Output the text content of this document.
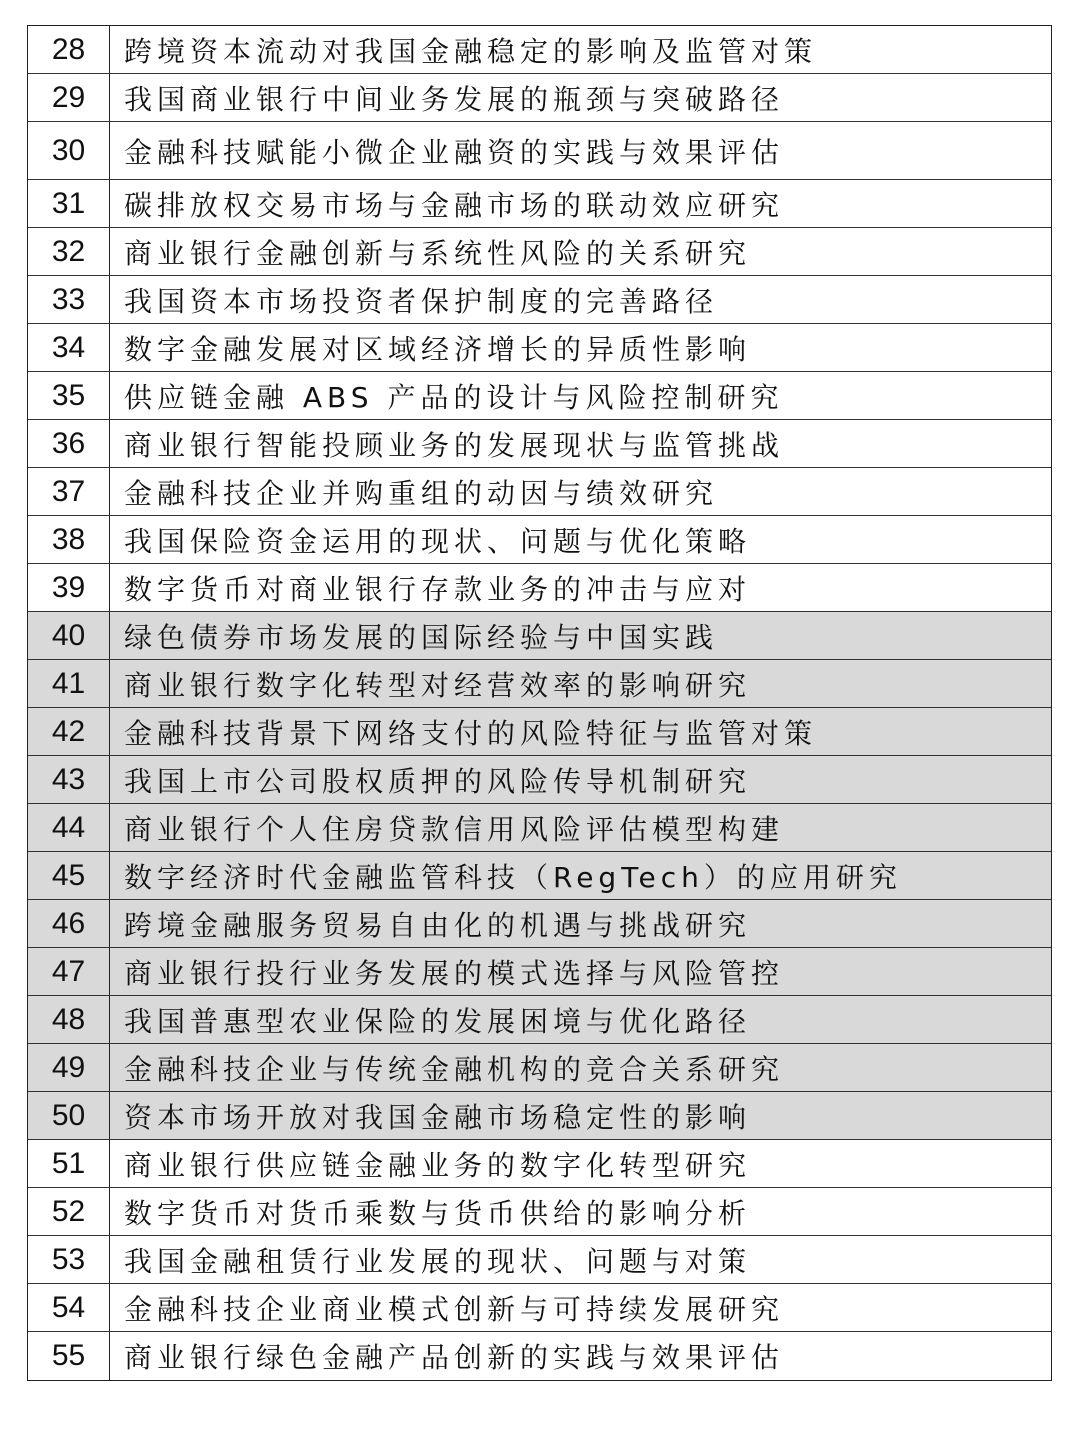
28	跨境资本流动对我国金融稳定的影响及监管对策
29	我国商业银行中间业务发展的瓶颈与突破路径
30	金融科技赋能小微企业融资的实践与效果评估
31	碳排放权交易市场与金融市场的联动效应研究
32	商业银行金融创新与系统性风险的关系研究
33	我国资本市场投资者保护制度的完善路径
34	数字金融发展对区域经济增长的异质性影响
35	供应链金融 ABS 产品的设计与风险控制研究
36	商业银行智能投顾业务的发展现状与监管挑战
37	金融科技企业并购重组的动因与绩效研究
38	我国保险资金运用的现状、问题与优化策略
39	数字货币对商业银行存款业务的冲击与应对
40	绿色债券市场发展的国际经验与中国实践
41	商业银行数字化转型对经营效率的影响研究
42	金融科技背景下网络支付的风险特征与监管对策
43	我国上市公司股权质押的风险传导机制研究
44	商业银行个人住房贷款信用风险评估模型构建
45	数字经济时代金融监管科技（RegTech）的应用研究
46	跨境金融服务贸易自由化的机遇与挑战研究
47	商业银行投行业务发展的模式选择与风险管控
48	我国普惠型农业保险的发展困境与优化路径
49	金融科技企业与传统金融机构的竞合关系研究
50	资本市场开放对我国金融市场稳定性的影响
51	商业银行供应链金融业务的数字化转型研究
52	数字货币对货币乘数与货币供给的影响分析
53	我国金融租赁行业发展的现状、问题与对策
54	金融科技企业商业模式创新与可持续发展研究
55	商业银行绿色金融产品创新的实践与效果评估
